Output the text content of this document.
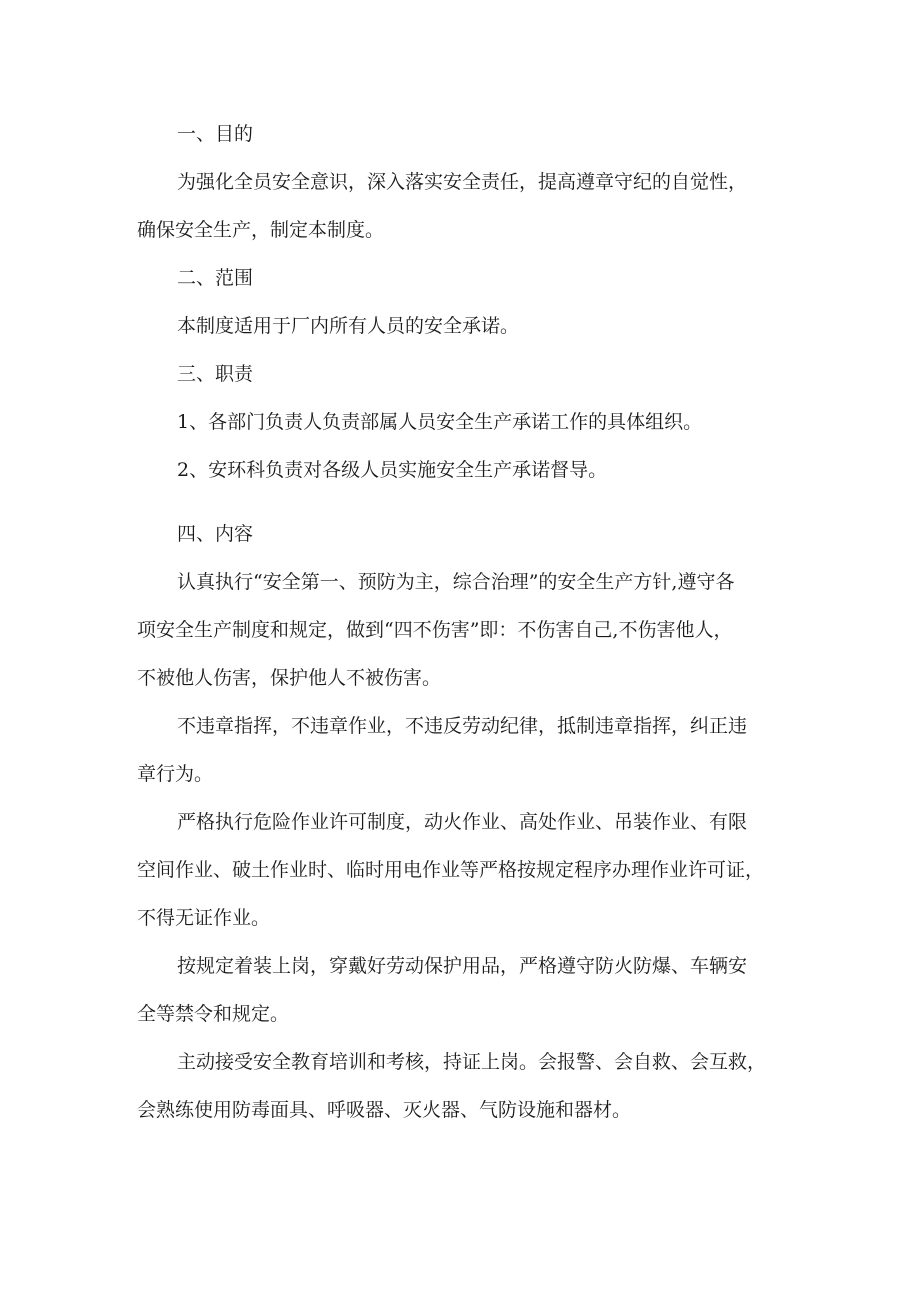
一、目的

为强化全员安全意识，深入落实安全责任，提高遵章守纪的自觉性，

确保安全生产，制定本制度。

二、范围

本制度适用于厂内所有人员的安全承诺。

三、职责

1、各部门负责人负责部属人员安全生产承诺工作的具体组织。

2、安环科负责对各级人员实施安全生产承诺督导。

四、内容

认真执行“安全第一、预防为主，综合治理”的安全生产方针,遵守各

项安全生产制度和规定，做到“四不伤害”即：不伤害自己,不伤害他人，

不被他人伤害，保护他人不被伤害。

不违章指挥，不违章作业，不违反劳动纪律，抵制违章指挥，纠正违

章行为。

严格执行危险作业许可制度，动火作业、高处作业、吊装作业、有限

空间作业、破土作业时、临时用电作业等严格按规定程序办理作业许可证，

不得无证作业。

按规定着装上岗，穿戴好劳动保护用品，严格遵守防火防爆、车辆安

全等禁令和规定。

主动接受安全教育培训和考核，持证上岗。会报警、会自救、会互救，

会熟练使用防毒面具、呼吸器、灭火器、气防设施和器材。
